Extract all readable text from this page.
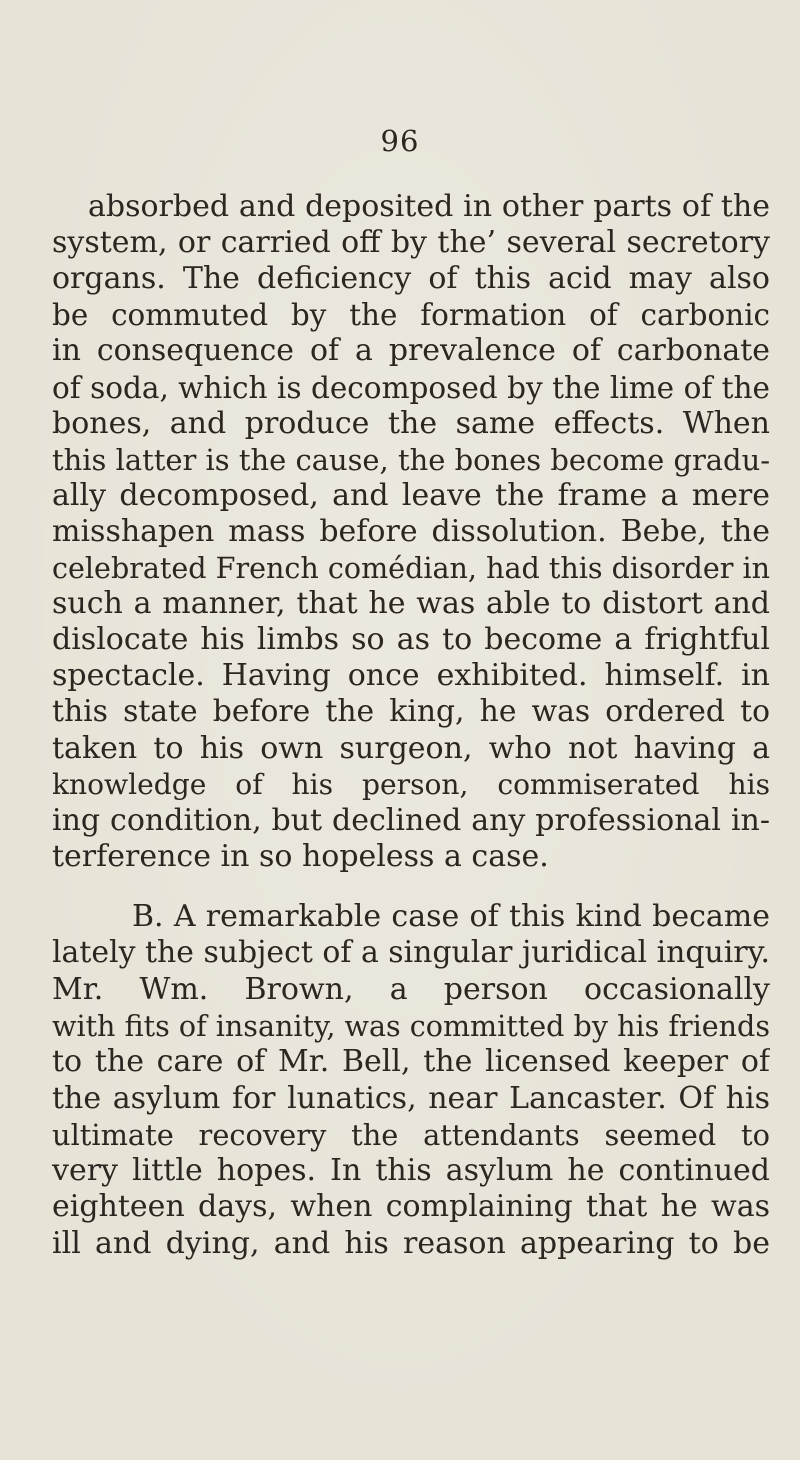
96
absorbed and deposited in other parts of the
system, or carried off by the’ several secretory
organs. The deficiency of this acid may also
be commuted by the formation of carbonic
in consequence of a prevalence of carbonate
of soda, which is decomposed by the lime of the
bones, and produce the same effects. When
this latter is the cause, the bones become gradu-
ally decomposed, and leave the frame a mere
misshapen mass before dissolution. Bebe, the
celebrated French comédian, had this disorder in
such a manner, that he was able to distort and
dislocate his limbs so as to become a frightful
spectacle. Having once exhibited. himself. in
this state before the king, he was ordered to
taken to his own surgeon, who not having a
knowledge of his person, commiserated his
ing condition, but declined any professional in-
terference in so hopeless a case.
B. A remarkable case of this kind became
lately the subject of a singular juridical inquiry.
Mr. Wm. Brown, a person occasionally
with fits of insanity, was committed by his friends
to the care of Mr. Bell, the licensed keeper of
the asylum for lunatics, near Lancaster. Of his
ultimate recovery the attendants seemed to
very little hopes. In this asylum he continued
eighteen days, when complaining that he was
ill and dying, and his reason appearing to be
